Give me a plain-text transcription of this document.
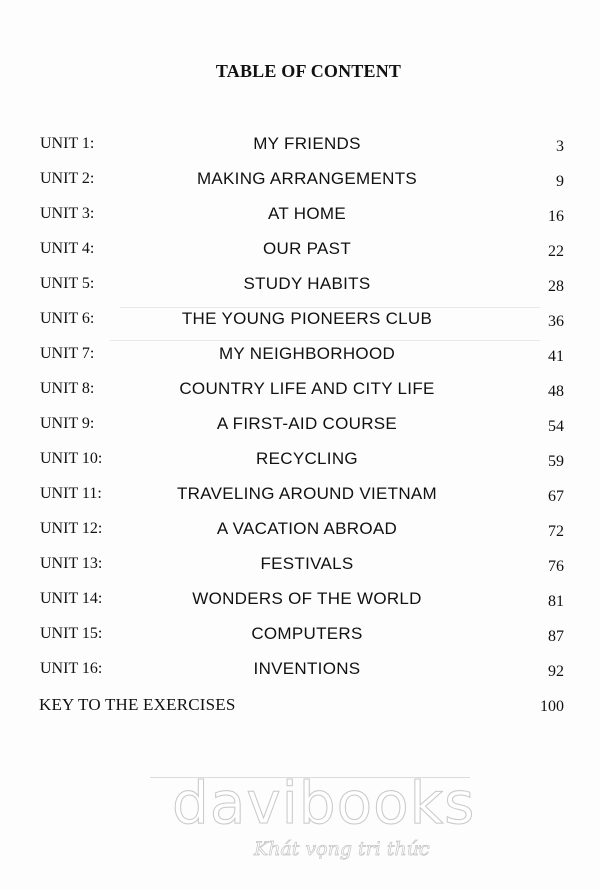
TABLE OF CONTENT
UNIT 1:	MY FRIENDS	3
UNIT 2:	MAKING ARRANGEMENTS	9
UNIT 3:	AT HOME	16
UNIT 4:	OUR PAST	22
UNIT 5:	STUDY HABITS	28
UNIT 6:	THE YOUNG PIONEERS CLUB	36
UNIT 7:	MY NEIGHBORHOOD	41
UNIT 8:	COUNTRY LIFE AND CITY LIFE	48
UNIT 9:	A FIRST-AID COURSE	54
UNIT 10:	RECYCLING	59
UNIT 11:	TRAVELING AROUND VIETNAM	67
UNIT 12:	A VACATION ABROAD	72
UNIT 13:	FESTIVALS	76
UNIT 14:	WONDERS OF THE WORLD	81
UNIT 15:	COMPUTERS	87
UNIT 16:	INVENTIONS	92
KEY TO THE EXERCISES	100
davibooks
Khát vọng tri thức
